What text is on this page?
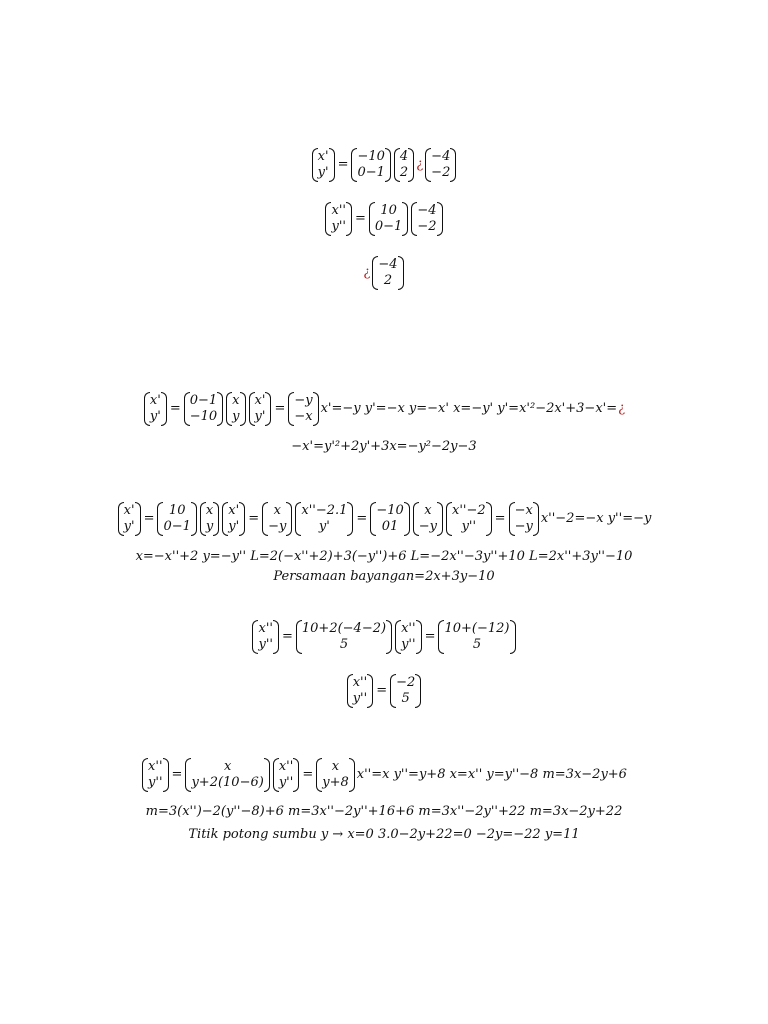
x'
y'
=
−10
0−1
4
2
¿
−4
−2
x''
y''
=
10
0−1
−4
−2
¿
−4
2
x'
y'
=
0−1
−10
x
y
x'
y'
=
−y
−x
x'=−y y'=−x y=−x' x=−y' y'=x'²−2x'+3−x'= ¿
−x'=y'²+2y'+3x=−y²−2y−3
x'
y'
=
10
0−1
x
y
x'
y'
=
x
−y
x''−2.1
y'
=
−10
01
x
−y
x''−2
y''
=
−x
−y
x''−2=−x y''=−y
x=−x''+2 y=−y'' L=2(−x''+2)+3(−y'')+6 L=−2x''−3y''+10 L=2x''+3y''−10
Persamaan bayangan=2x+3y−10
x''
y''
=
10+2(−4−2)
5
x''
y''
=
10+(−12)
5
x''
y''
=
−2
5
x''
y''
=
x
y+2(10−6)
x''
y''
=
x
y+8
x''=x y''=y+8 x=x'' y=y''−8 m=3x−2y+6
m=3(x'')−2(y''−8)+6 m=3x''−2y''+16+6 m=3x''−2y''+22 m=3x−2y+22
Titik potong sumbu y → x=0 3.0−2y+22=0 −2y=−22 y=11
